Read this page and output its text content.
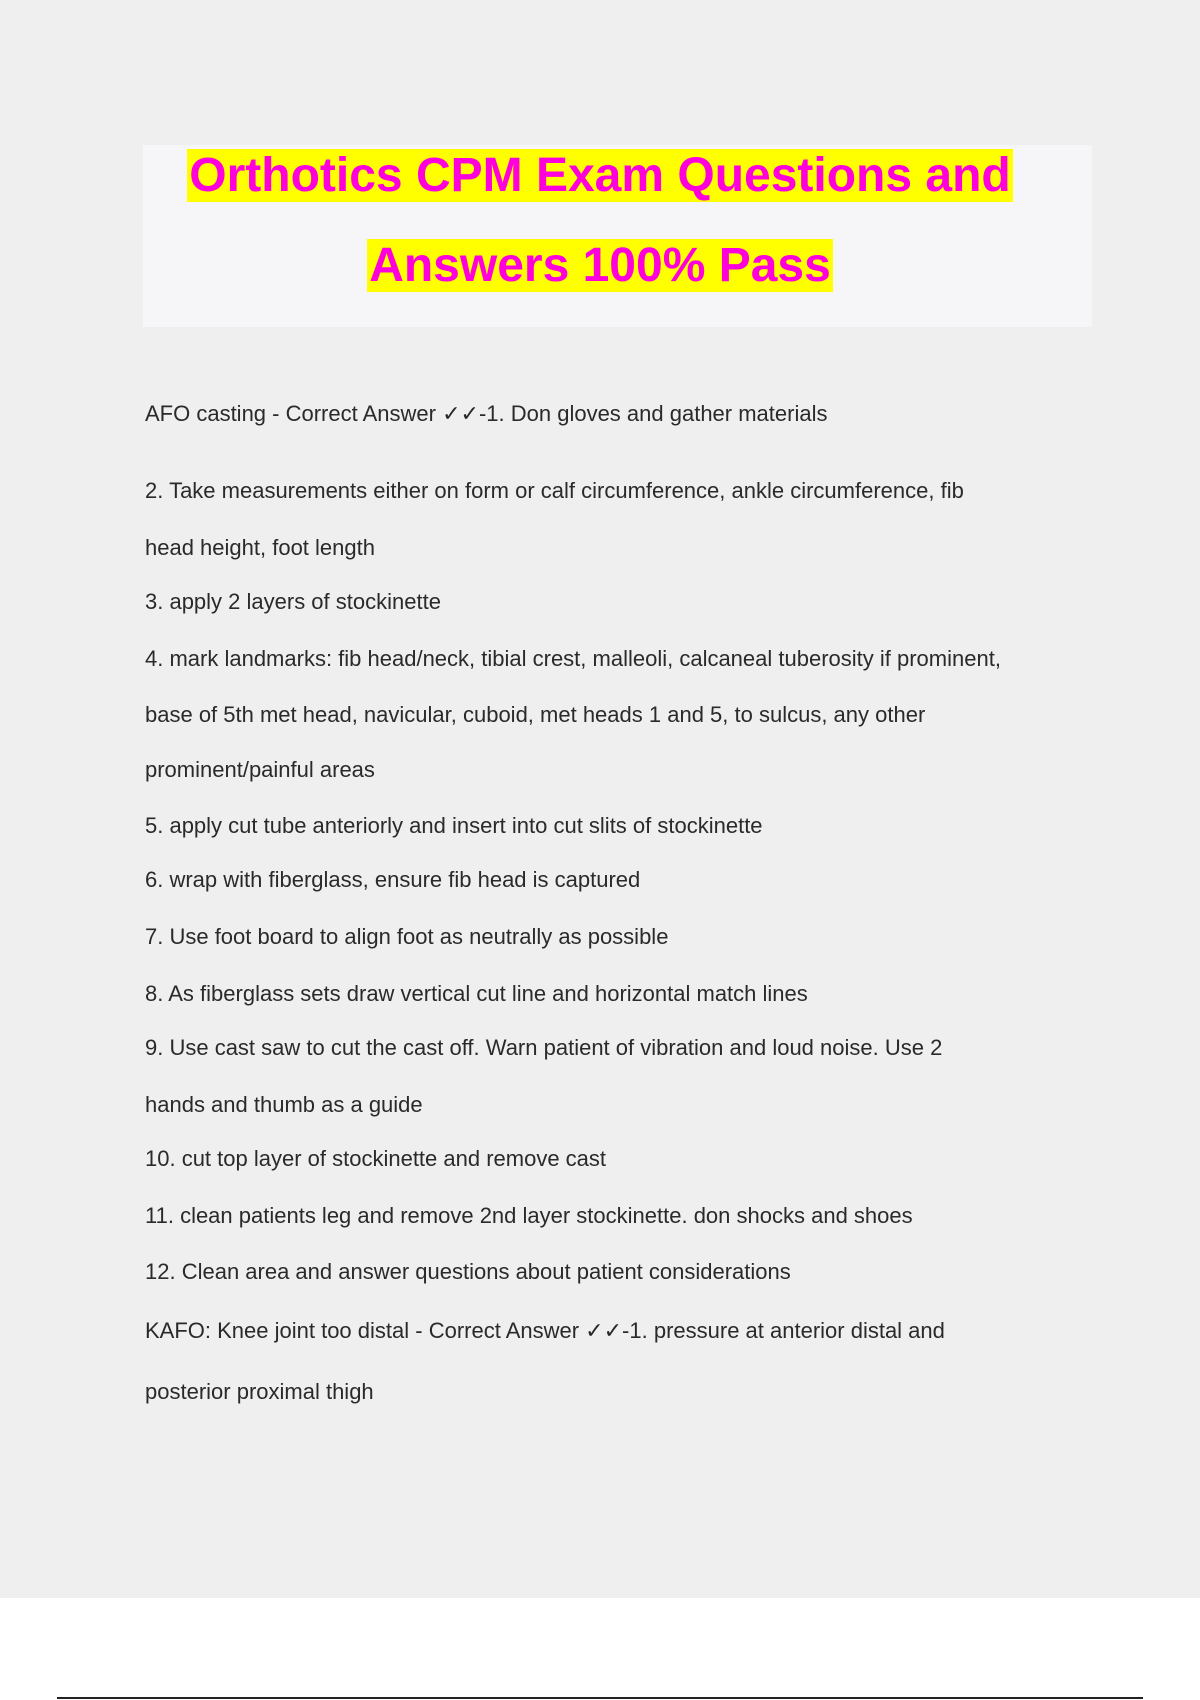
Orthotics CPM Exam Questions and
Answers 100% Pass
AFO casting - Correct Answer ✓✓-1. Don gloves and gather materials
2. Take measurements either on form or calf circumference, ankle circumference, fib
head height, foot length
3. apply 2 layers of stockinette
4. mark landmarks: fib head/neck, tibial crest, malleoli, calcaneal tuberosity if prominent,
base of 5th met head, navicular, cuboid, met heads 1 and 5, to sulcus, any other
prominent/painful areas
5. apply cut tube anteriorly and insert into cut slits of stockinette
6. wrap with fiberglass, ensure fib head is captured
7. Use foot board to align foot as neutrally as possible
8. As fiberglass sets draw vertical cut line and horizontal match lines
9. Use cast saw to cut the cast off. Warn patient of vibration and loud noise. Use 2
hands and thumb as a guide
10. cut top layer of stockinette and remove cast
11. clean patients leg and remove 2nd layer stockinette. don shocks and shoes
12. Clean area and answer questions about patient considerations
KAFO: Knee joint too distal - Correct Answer ✓✓-1. pressure at anterior distal and
posterior proximal thigh
